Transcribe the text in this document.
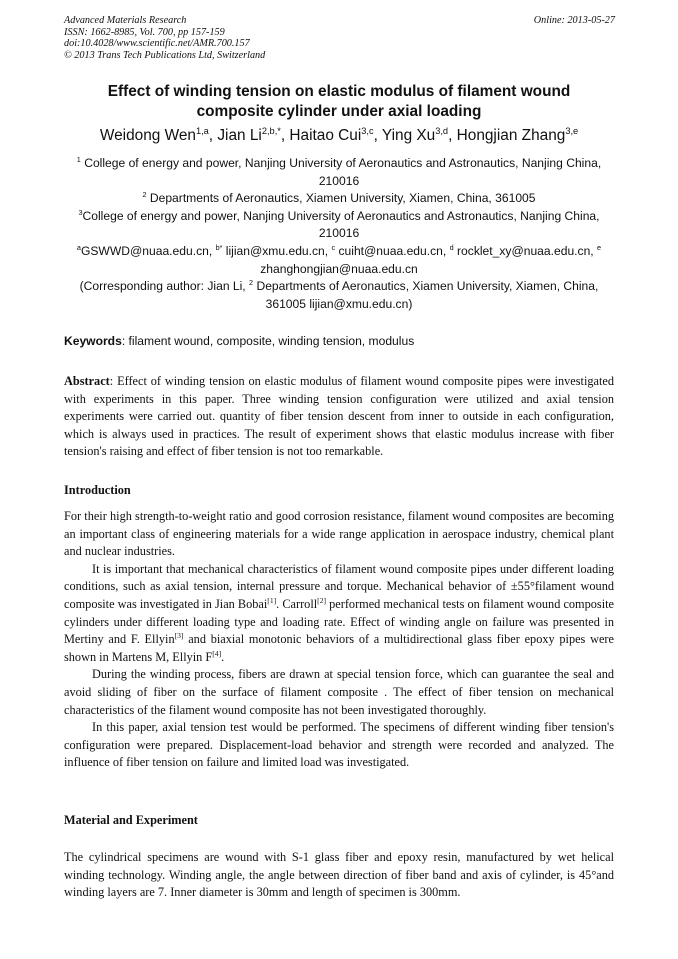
Advanced Materials Research
ISSN: 1662-8985, Vol. 700, pp 157-159
doi:10.4028/www.scientific.net/AMR.700.157
© 2013 Trans Tech Publications Ltd, Switzerland
Online: 2013-05-27
Effect of winding tension on elastic modulus of filament wound
composite cylinder under axial loading
Weidong Wen$^{1,a}$, Jian $Li^{2,b,*}$, Haitao Cui$^{3,c}$, Ying Xu$^{3,d}$, Hongjian Zhang$^{3,e}$

$^1$ College of energy and power, Nanjing University of Aeronautics and Astronautics, Nanjing China, 210016

$^2$ Departments of Aeronautics, Xiamen University, Xiamen, China, 361005

$^3$College of energy and power, Nanjing University of Aeronautics and Astronautics, Nanjing China, 210016

$^a$GSWWD@nuaa.edu.cn, $^{b*}$ lijian@xmu.edu.cn, $^c$ cuiht@nuaa.edu.cn, $^d$ rocklet_xy@nuaa.edu.cn, $^e$ zhanghongjian@nuaa.edu.cn

(Corresponding author: Jian Li, $^2$ Departments of Aeronautics, Xiamen University, Xiamen, China, 361005 lijian@xmu.edu.cn)

Keywords: filament wound, composite, winding tension, modulus
Abstract: Effect of winding tension on elastic modulus of filament wound composite pipes were investigated with experiments in this paper. Three winding tension configuration were utilized and axial tension experiments were carried out. quantity of fiber tension descent from inner to outside in each configuration, which is always used in practices. The result of experiment shows that elastic modulus increase with fiber tension's raising and effect of fiber tension is not too remarkable.
Introduction

For their high strength-to-weight ratio and good corrosion resistance, filament wound composites are becoming an important class of engineering materials for a wide range application in aerospace industry, chemical plant and nuclear industries.

It is important that mechanical characteristics of filament wound composite pipes under different loading conditions, such as axial tension, internal pressure and torque. Mechanical behavior of ±55°filament wound composite was investigated in Jian Bobai[1]. Carroll[2] performed mechanical tests on filament wound composite cylinders under different loading type and loading rate. Effect of winding angle on failure was presented in Mertiny and F. Ellyin[3] and biaxial monotonic behaviors of a multidirectional glass fiber epoxy pipes were shown in Martens M, Ellyin F[4].

During the winding process, fibers are drawn at special tension force, which can guarantee the seal and avoid sliding of fiber on the surface of filament composite . The effect of fiber tension on mechanical characteristics of the filament wound composite has not been investigated thoroughly.

In this paper, axial tension test would be performed. The specimens of different winding fiber tension's configuration were prepared. Displacement-load behavior and strength were recorded and analyzed. The influence of fiber tension on failure and limited load was investigated.

Material and Experiment

The cylindrical specimens are wound with S-1 glass fiber and epoxy resin, manufactured by wet helical winding technology. Winding angle, the angle between direction of fiber band and axis of cylinder, is 45°and winding layers are 7. Inner diameter is 30mm and length of specimen is 300mm.
